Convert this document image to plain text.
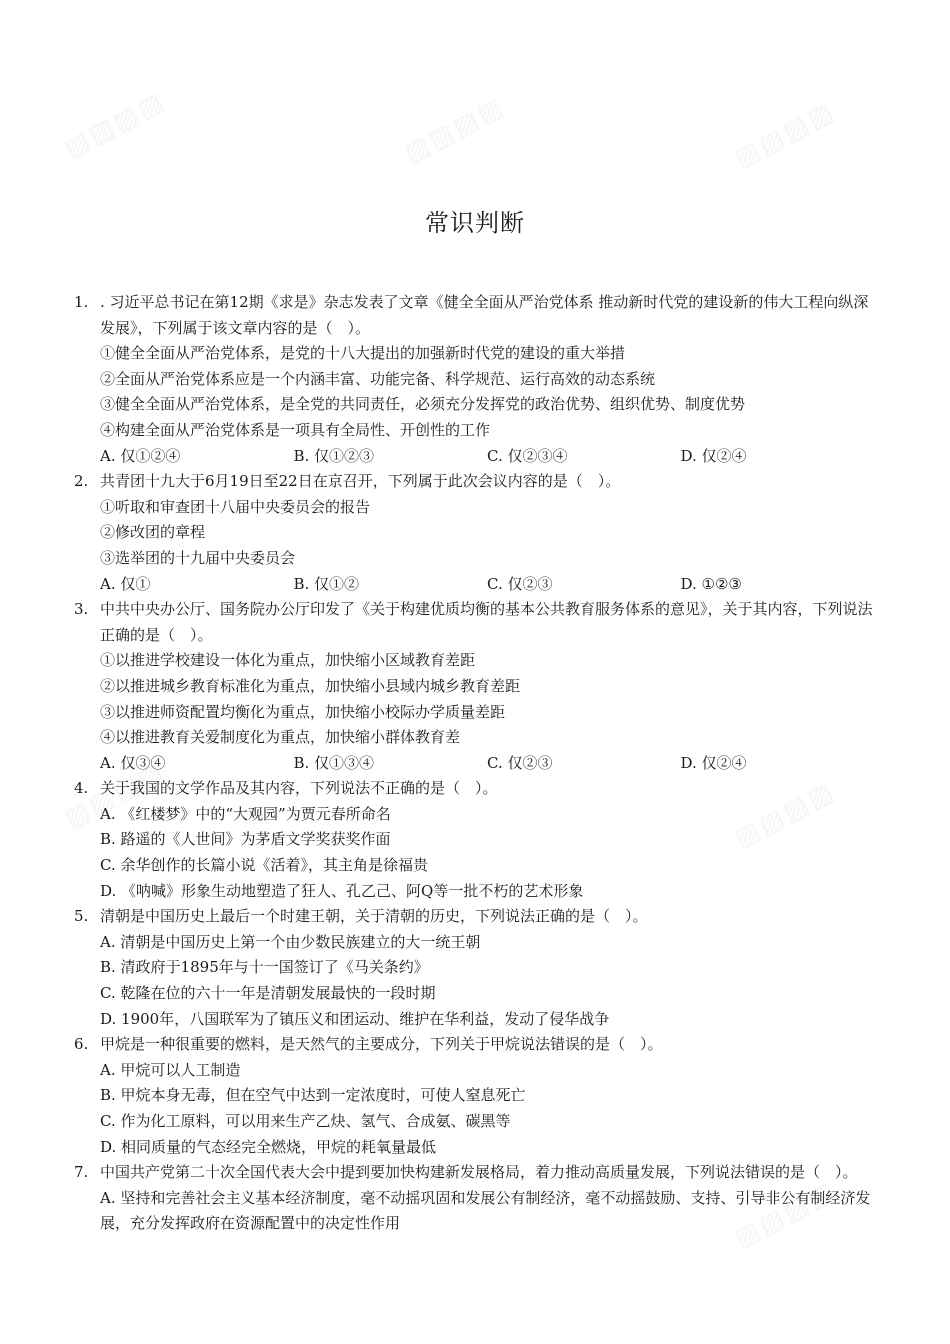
常识判断
1. . 习近平总书记在第12期《求是》杂志发表了文章《健全全面从严治党体系 推动新时代党的建设新的伟大工程向纵深发展》，下列属于该文章内容的是（　）。
①健全全面从严治党体系，是党的十八大提出的加强新时代党的建设的重大举措
②全面从严治党体系应是一个内涵丰富、功能完备、科学规范、运行高效的动态系统
③健全全面从严治党体系，是全党的共同责任，必须充分发挥党的政治优势、组织优势、制度优势
④构建全面从严治党体系是一项具有全局性、开创性的工作
A. 仅①②④	B. 仅①②③	C. 仅②③④	D. 仅②④
2. 共青团十九大于6月19日至22日在京召开，下列属于此次会议内容的是（　）。
①听取和审查团十八届中央委员会的报告
②修改团的章程
③选举团的十九届中央委员会
A. 仅①	B. 仅①②	C. 仅②③	D. ①②③
3. 中共中央办公厅、国务院办公厅印发了《关于构建优质均衡的基本公共教育服务体系的意见》，关于其内容，下列说法正确的是（　）。
①以推进学校建设一体化为重点，加快缩小区域教育差距
②以推进城乡教育标准化为重点，加快缩小县域内城乡教育差距
③以推进师资配置均衡化为重点，加快缩小校际办学质量差距
④以推进教育关爱制度化为重点，加快缩小群体教育差
A. 仅③④	B. 仅①③④	C. 仅②③	D. 仅②④
4. 关于我国的文学作品及其内容，下列说法不正确的是（　）。
A. 《红楼梦》中的“大观园”为贾元春所命名
B. 路遥的《人世间》为茅盾文学奖获奖作面
C. 余华创作的长篇小说《活着》，其主角是徐福贵
D. 《呐喊》形象生动地塑造了狂人、孔乙己、阿Q等一批不朽的艺术形象
5. 清朝是中国历史上最后一个时建王朝，关于清朝的历史，下列说法正确的是（　）。
A. 清朝是中国历史上第一个由少数民族建立的大一统王朝
B. 清政府于1895年与十一国签订了《马关条约》
C. 乾隆在位的六十一年是清朝发展最快的一段时期
D. 1900年，八国联军为了镇压义和团运动、维护在华利益，发动了侵华战争
6. 甲烷是一种很重要的燃料，是天然气的主要成分，下列关于甲烷说法错误的是（　）。
A. 甲烷可以人工制造
B. 甲烷本身无毒，但在空气中达到一定浓度时，可使人窒息死亡
C. 作为化工原料，可以用来生产乙炔、氢气、合成氨、碳黑等
D. 相同质量的气态经完全燃烧，甲烷的耗氧量最低
7. 中国共产党第二十次全国代表大会中提到要加快构建新发展格局，着力推动高质量发展，下列说法错误的是（　）。
A. 坚持和完善社会主义基本经济制度，毫不动摇巩固和发展公有制经济，毫不动摇鼓励、支持、引导非公有制经济发展，充分发挥政府在资源配置中的决定性作用
